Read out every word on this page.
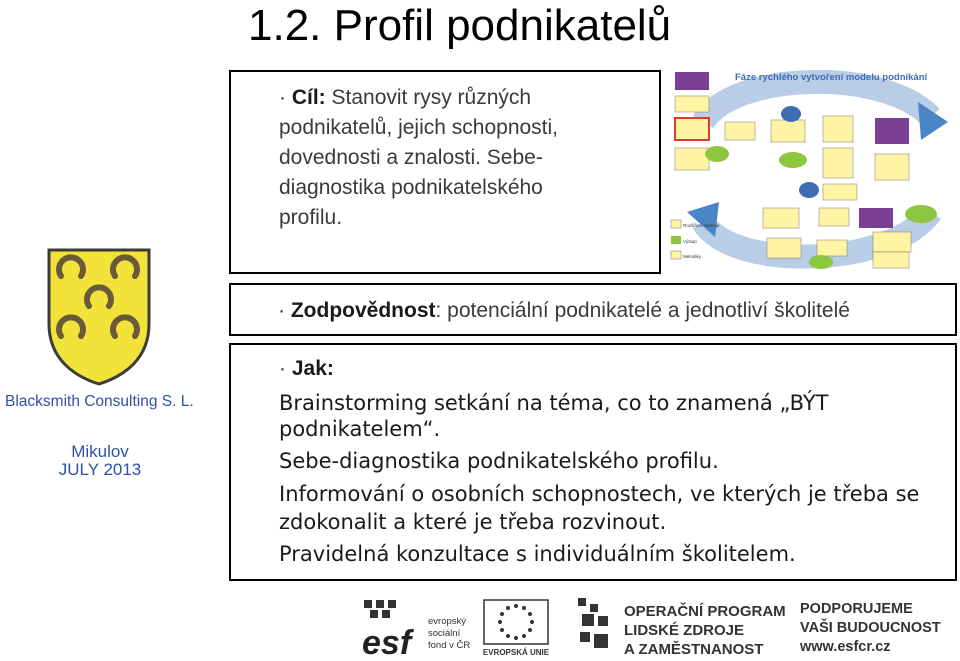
1.2. Profil podnikatelů
Blacksmith Consulting S. L.
Mikulov
JULY 2013
· Cíl: Stanovit rysy různých
podnikatelů, jejich schopnosti,
dovednosti a znalosti. Sebe-
diagnostika podnikatelského
profilu.
Fáze rychlého vytvoření modelu podnikání
Rozšíření nástroje
Výstup
Metodiky
· Zodpovědnost: potenciální podnikatelé a jednotliví školitelé
· Jak:
Brainstorming setkání na téma, co to znamená „BÝT
podnikatelem“.
Sebe-diagnostika podnikatelského profilu.
Informování o osobních schopnostech, ve kterých je třeba se
zdokonalit a které je třeba rozvinout.
Pravidelná konzultace s individuálním školitelem.
esf
evropský
sociální
fond v ČR
EVROPSKÁ UNIE
OPERAČNÍ PROGRAM
LIDSKÉ ZDROJE
A ZAMĚSTNANOST
PODPORUJEME
VAŠI BUDOUCNOST
www.esfcr.cz
